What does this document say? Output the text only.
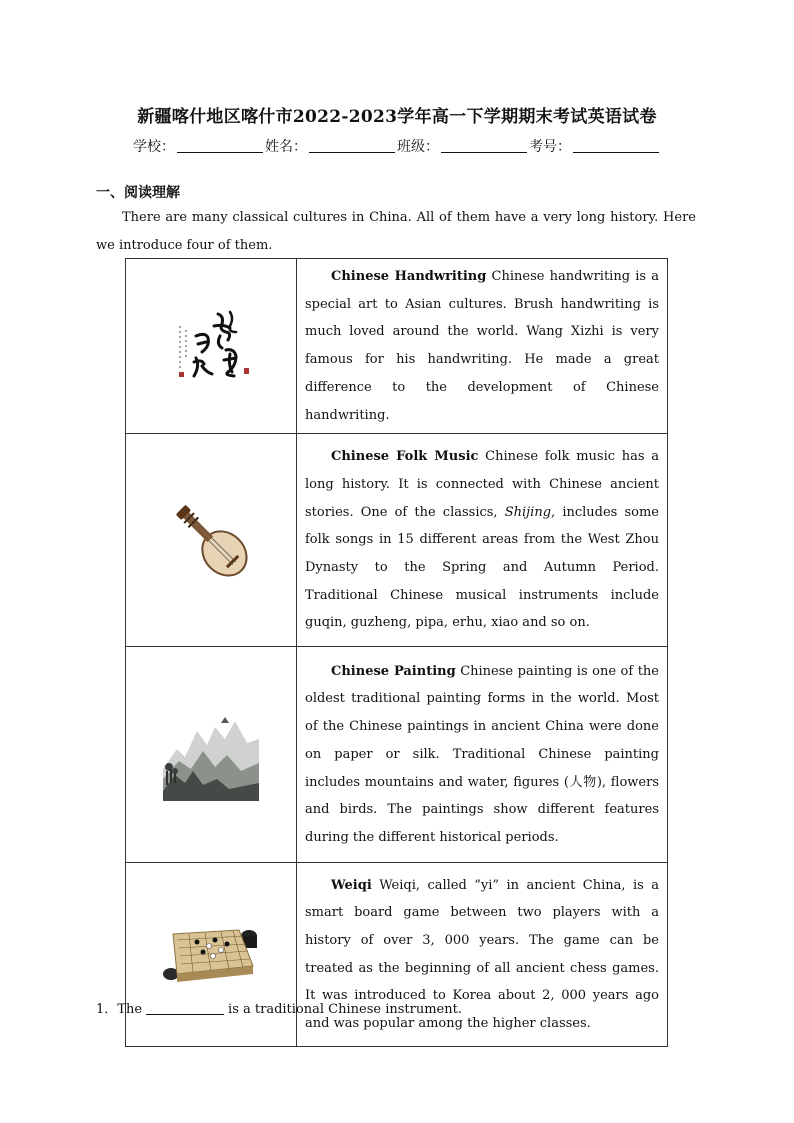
新疆喀什地区喀什市2022-2023学年高一下学期期末考试英语试卷
学校：	姓名：	班级：	考号：
一、阅读理解
There are many classical cultures in China. All of them have a very long history. Here we introduce four of them.
	Chinese Handwriting Chinese handwriting is a special art to Asian cultures. Brush handwriting is much loved around the world. Wang Xizhi is very famous for his handwriting. He made a great difference to the development of Chinese handwriting.

	Chinese Folk Music Chinese folk music has a long history. It is connected with Chinese ancient stories. One of the classics, Shijing, includes some folk songs in 15 different areas from the West Zhou Dynasty to the Spring and Autumn Period. Traditional Chinese musical instruments include guqin, guzheng, pipa, erhu, xiao and so on.

	Chinese Painting Chinese painting is one of the oldest traditional painting forms in the world. Most of the Chinese paintings in ancient China were done on paper or silk. Traditional Chinese painting includes mountains and water, figures (人物), flowers and birds. The paintings show different features during the different historical periods.

	Weiqi Weiqi, called “yi” in ancient China, is a smart board game between two players with a history of over 3, 000 years. The game can be treated as the beginning of all ancient chess games. It was introduced to Korea about 2, 000 years ago and was popular among the higher classes.
1．The	is a traditional Chinese instrument.
